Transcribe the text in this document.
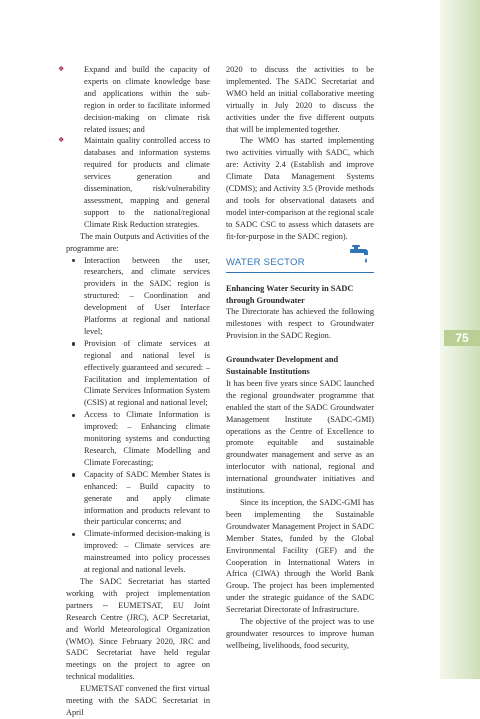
75
❖ Expand and build the capacity of experts on climate knowledge base and applications within the sub-region in order to facilitate informed decision-making on climate risk related issues; and
❖ Maintain quality controlled access to databases and information systems required for products and climate services generation and dissemination, risk/vulnerability assessment, mapping and general support to the national/regional Climate Risk Reduction strategies.

The main Outputs and Activities of the programme are:

Interaction between the user, researchers, and climate services providers in the SADC region is structured: – Coordination and development of User Interface Platforms at regional and national level;
Provision of climate services at regional and national level is effectively guaranteed and secured: – Facilitation and implementation of Climate Services Information System (CSIS) at regional and national level;
Access to Climate Information is improved: – Enhancing climate monitoring systems and conducting Research, Climate Modelling and Climate Forecasting;
Capacity of SADC Member States is enhanced: – Build capacity to generate and apply climate information and products relevant to their particular concerns; and
Climate-informed decision-making is improved: – Climate services are mainstreamed into policy processes at regional and national levels.

The SADC Secretariat has started working with project implementation partners -- EUMETSAT, EU Joint Research Centre (JRC), ACP Secretariat, and World Meteorological Organization (WMO). Since February 2020, JRC and SADC Secretariat have held regular meetings on the project to agree on technical modalities.

EUMETSAT convened the first virtual meeting with the SADC Secretariat in April

2020 to discuss the activities to be implemented. The SADC Secretariat and WMO held an initial collaborative meeting virtually in July 2020 to discuss the activities under the five different outputs that will be implemented together.

The WMO has started implementing two activities virtually with SADC, which are: Activity 2.4 (Establish and improve Climate Data Management Systems (CDMS); and Activity 3.5 (Provide methods and tools for observational datasets and model inter-comparison at the regional scale to SADC CSC to assess which datasets are fit-for-purpose in the SADC region).

WATER SECTOR

Enhancing Water Security in SADC through Groundwater

The Directorate has achieved the following milestones with respect to Groundwater Provision in the SADC Region.

Groundwater Development and Sustainable Institutions

It has been five years since SADC launched the regional groundwater programme that enabled the start of the SADC Groundwater Management Institute (SADC-GMI) operations as the Centre of Excellence to promote equitable and sustainable groundwater management and serve as an interlocutor with national, regional and international groundwater initiatives and institutions.

Since its inception, the SADC-GMI has been implementing the Sustainable Groundwater Management Project in SADC Member States, funded by the Global Environmental Facility (GEF) and the Cooperation in International Waters in Africa (CIWA) through the World Bank Group. The project has been implemented under the strategic guidance of the SADC Secretariat Directorate of Infrastructure.

The objective of the project was to use groundwater resources to improve human wellbeing, livelihoods, food security,
